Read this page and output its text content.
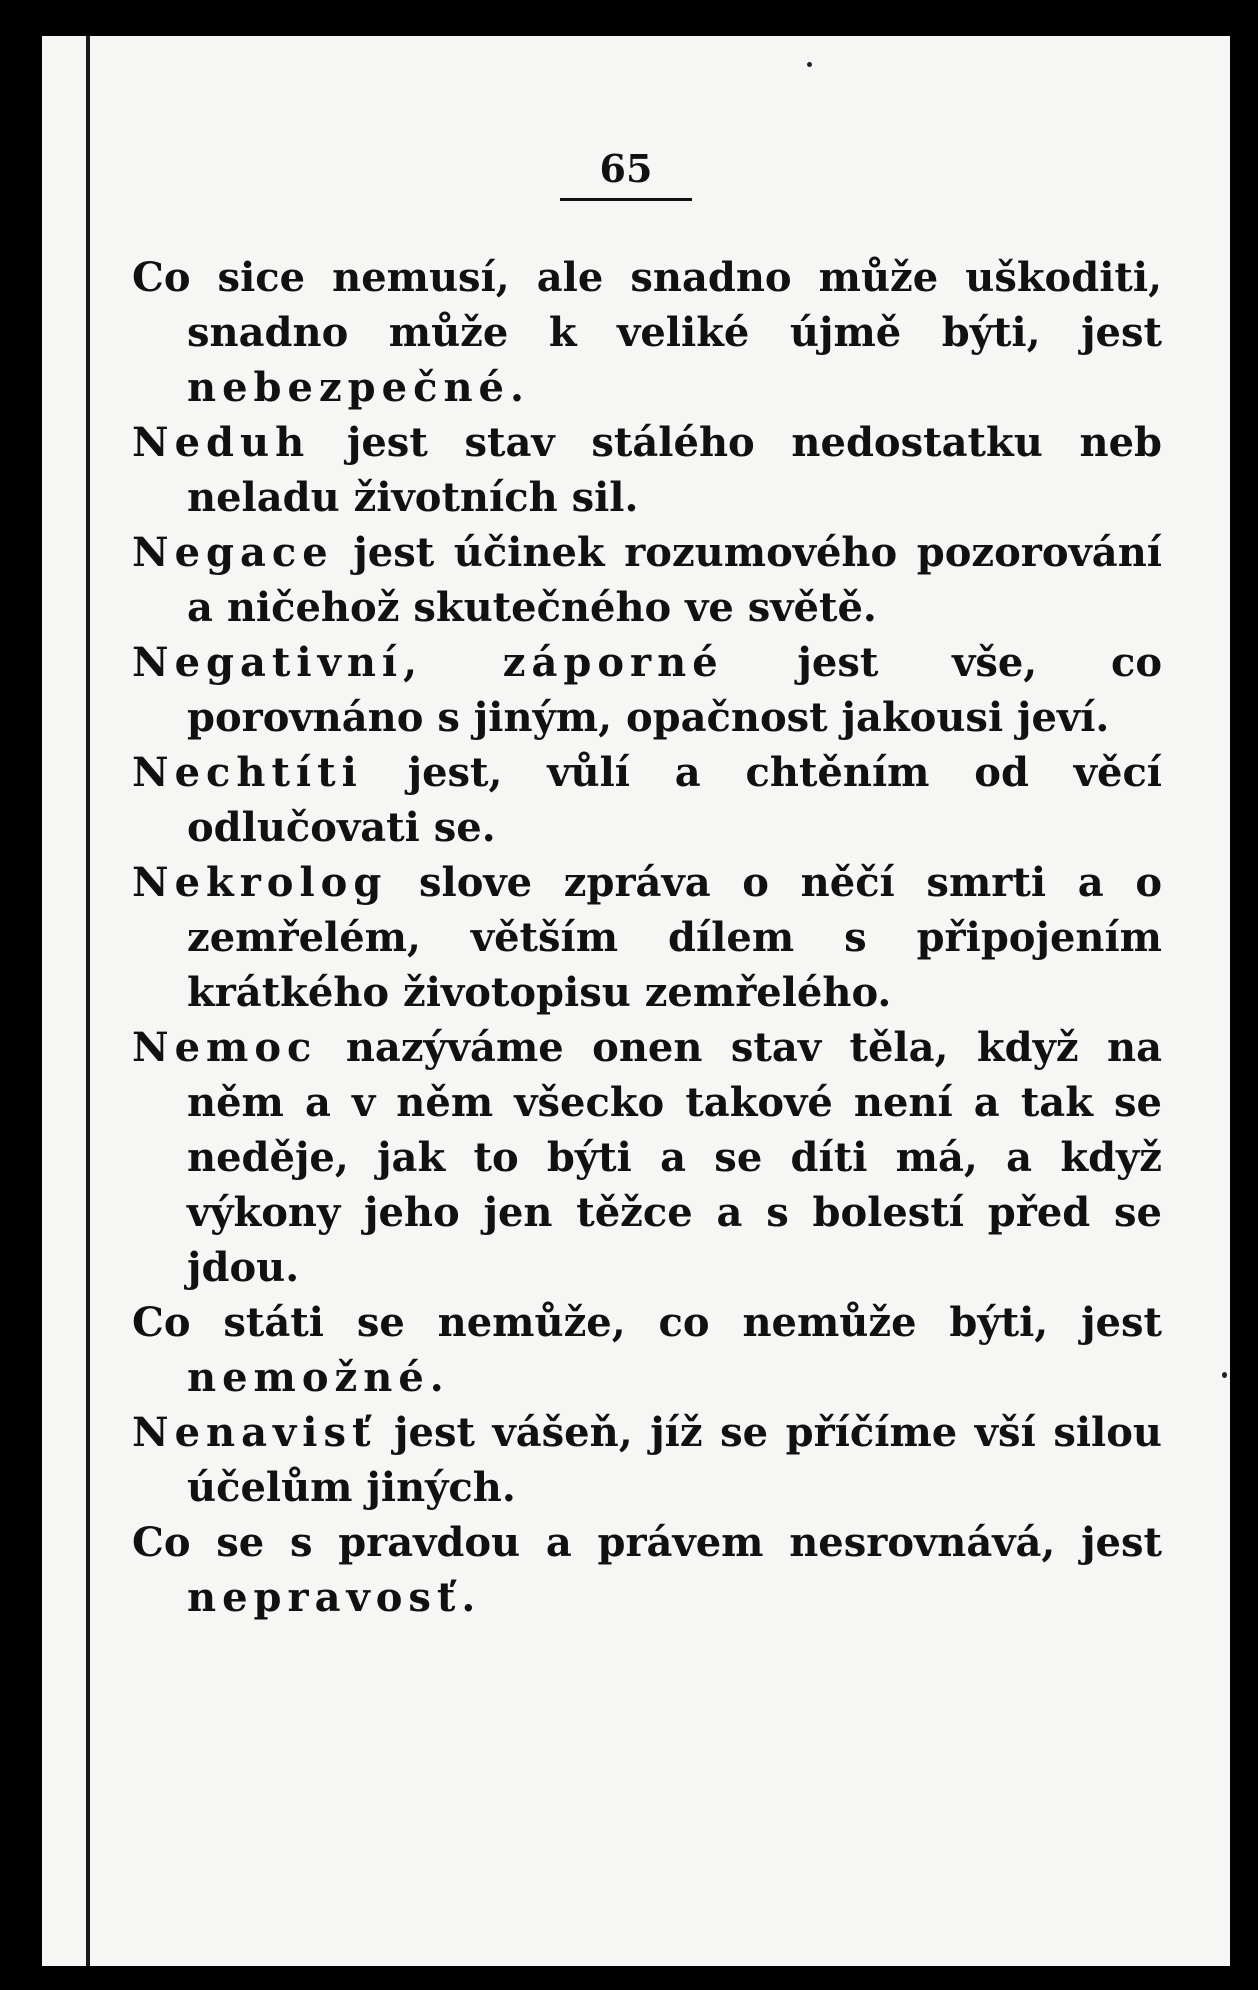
65

Co sice nemusí, ale snadno může uškoditi, snadno může k veliké újmě býti, jest nebezpečné.

Neduh jest stav stálého nedostatku neb neladu životních sil.

Negace jest účinek rozumového pozorování a ničehož skutečného ve světě.

Negativní, záporné jest vše, co porovnáno s jiným, opačnost jakousi jeví.

Nechtíti jest, vůlí a chtěním od věcí odlučovati se.

Nekrolog slove zpráva o něčí smrti a o zemřelém, větším dílem s připojením krátkého životopisu zemřelého.

Nemoc nazýváme onen stav těla, když na něm a v něm všecko takové není a tak se neděje, jak to býti a se díti má, a když výkony jeho jen těžce a s bolestí před se jdou.

Co státi se nemůže, co nemůže býti, jest nemožné.

Nenavisť jest vášeň, jíž se příčíme vší silou účelům jiných.

Co se s pravdou a právem nesrovnává, jest nepravosť.
